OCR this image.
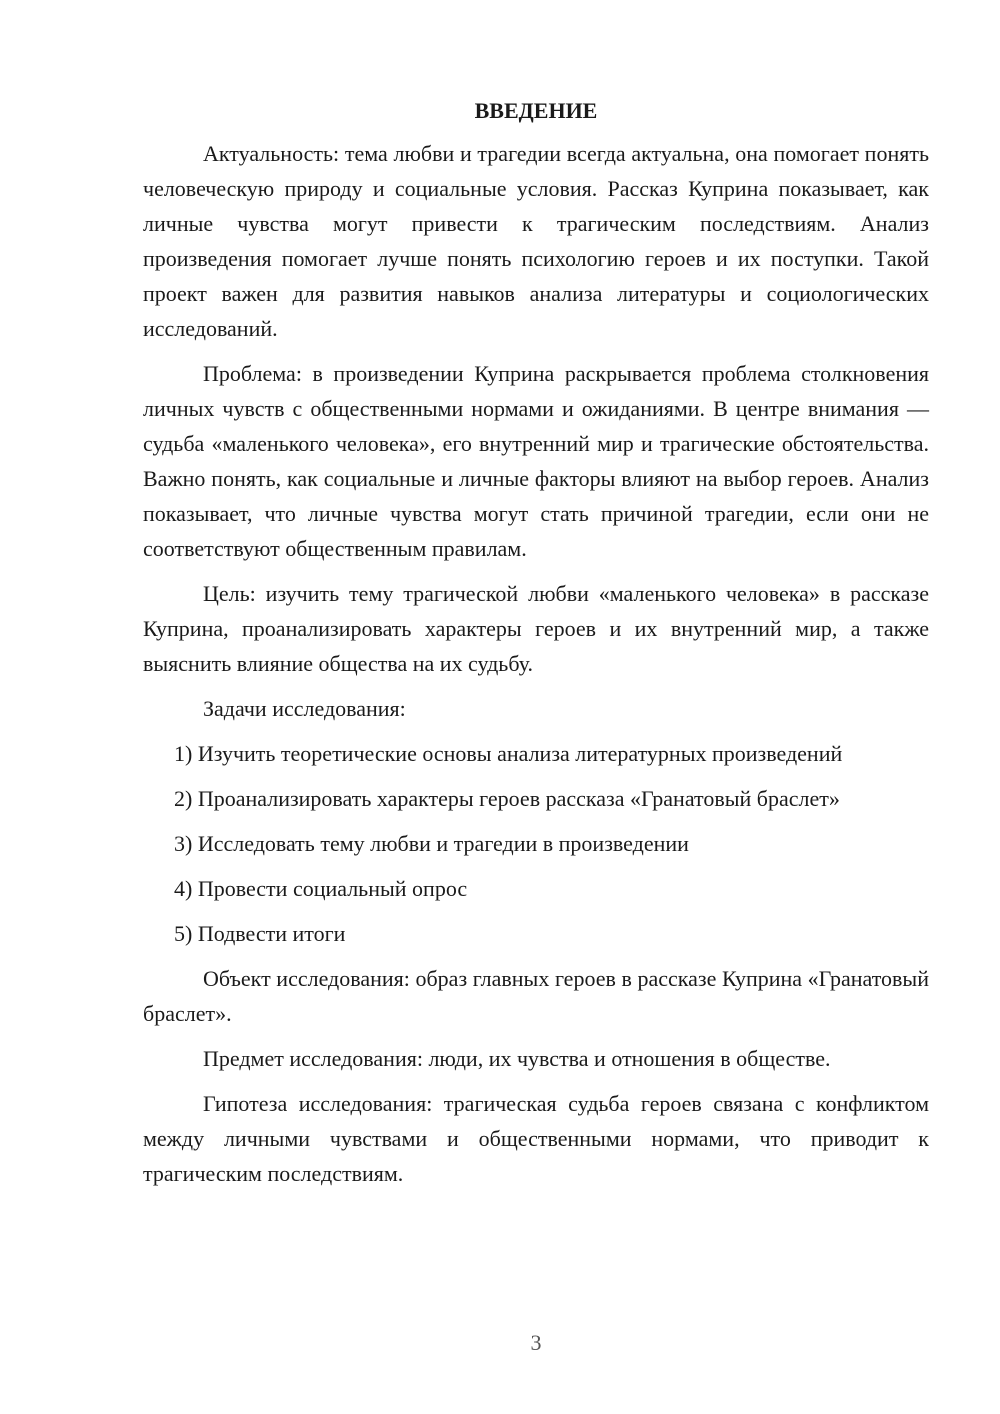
ВВЕДЕНИЕ

Актуальность: тема любви и трагедии всегда актуальна, она помогает понять человеческую природу и социальные условия. Рассказ Куприна показывает, как личные чувства могут привести к трагическим последствиям. Анализ произведения помогает лучше понять психологию героев и их поступки. Такой проект важен для развития навыков анализа литературы и социологических исследований.

Проблема: в произведении Куприна раскрывается проблема столкновения личных чувств с общественными нормами и ожиданиями. В центре внимания — судьба «маленького человека», его внутренний мир и трагические обстоятельства. Важно понять, как социальные и личные факторы влияют на выбор героев. Анализ показывает, что личные чувства могут стать причиной трагедии, если они не соответствуют общественным правилам.

Цель: изучить тему трагической любви «маленького человека» в рассказе Куприна, проанализировать характеры героев и их внутренний мир, а также выяснить влияние общества на их судьбу.

Задачи исследования:

1) Изучить теоретические основы анализа литературных произведений

2) Проанализировать характеры героев рассказа «Гранатовый браслет»

3) Исследовать тему любви и трагедии в произведении

4) Провести социальный опрос

5) Подвести итоги

Объект исследования: образ главных героев в рассказе Куприна «Гранатовый браслет».

Предмет исследования: люди, их чувства и отношения в обществе.

Гипотеза исследования: трагическая судьба героев связана с конфликтом между личными чувствами и общественными нормами, что приводит к трагическим последствиям.

3
